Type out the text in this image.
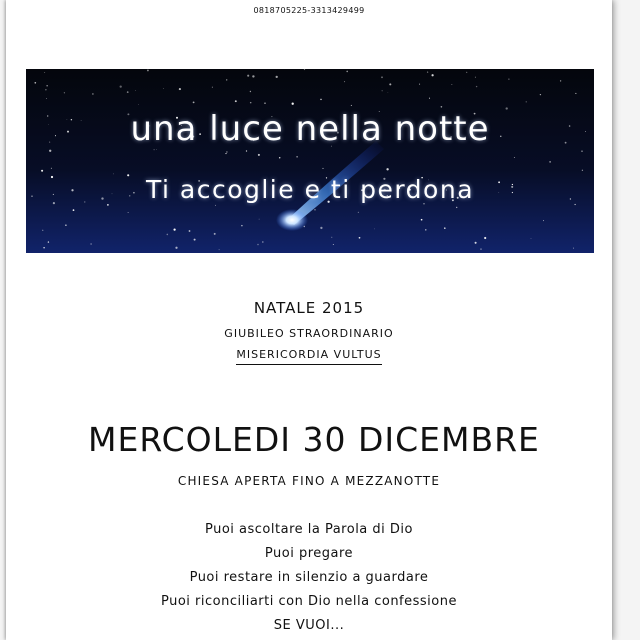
0818705225-3313429499
una luce nella notte
Ti accoglie e ti perdona
NATALE 2015
GIUBILEO STRAORDINARIO
MISERICORDIA VULTUS
MERCOLEDI 30 DICEMBRE
CHIESA APERTA FINO A MEZZANOTTE
Puoi ascoltare la Parola di Dio
Puoi pregare
Puoi restare in silenzio a guardare
Puoi riconciliarti con Dio nella confessione
SE VUOI...
